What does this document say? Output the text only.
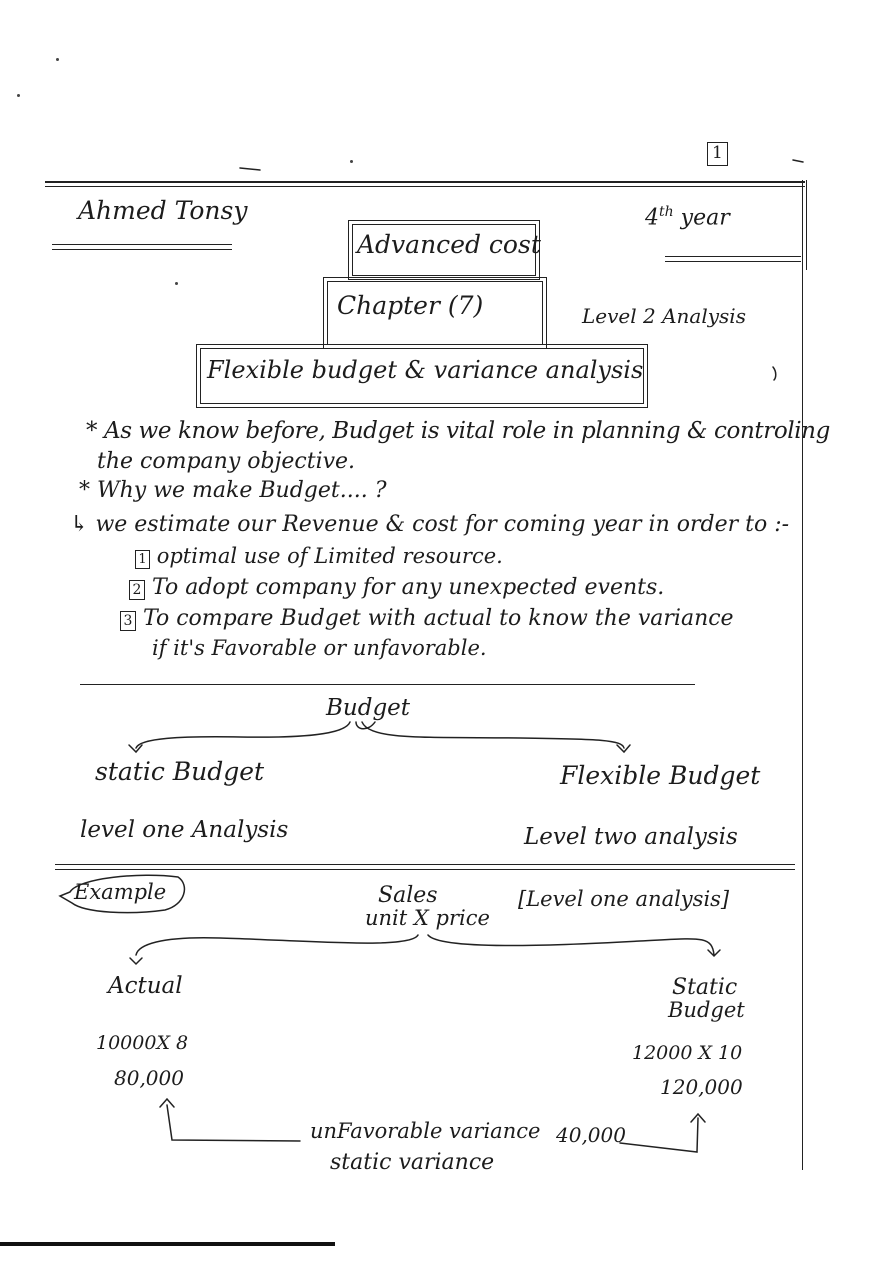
1
Ahmed Tonsy	4th year
Advanced cost
Chapter (7)	Level 2 Analysis
Flexible budget & variance analysis
* As we know before, Budget is vital role in planning & controling
the company objective.
* Why we make Budget.... ?
↳ we estimate our Revenue & cost for coming year in order to :-
1 optimal use of Limited resource.
2 To adopt company for any unexpected events.
3 To compare Budget with actual to know the variance
if it's Favorable or unfavorable.
Budget
static Budget	Flexible Budget
level one Analysis	Level two analysis
Example	Sales
unit X price
[Level one analysis]
Actual	Static
Budget
10000X 8
80,000
12000 X 10
120,000
unFavorable variance 40,000
static variance
